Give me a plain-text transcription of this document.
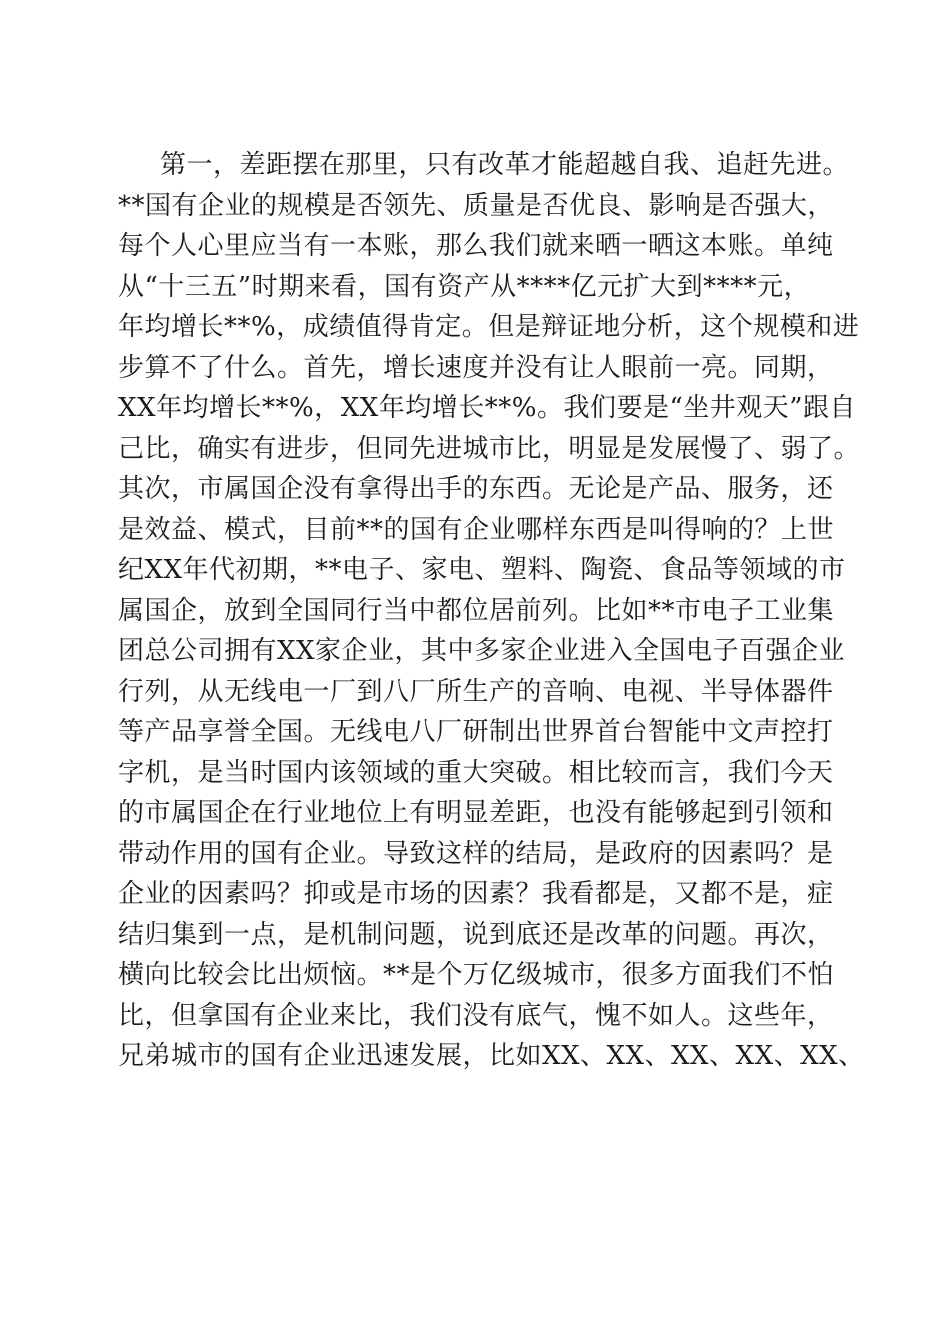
第一，差距摆在那里，只有改革才能超越自我、追赶先进。
**国有企业的规模是否领先、质量是否优良、影响是否强大，
每个人心里应当有一本账，那么我们就来晒一晒这本账。单纯
从“十三五”时期来看，国有资产从****亿元扩大到****元，
年均增长**%，成绩值得肯定。但是辩证地分析，这个规模和进
步算不了什么。首先，增长速度并没有让人眼前一亮。同期，
XX年均增长**%，XX年均增长**%。我们要是“坐井观天”跟自
己比，确实有进步，但同先进城市比，明显是发展慢了、弱了。
其次，市属国企没有拿得出手的东西。无论是产品、服务，还
是效益、模式，目前**的国有企业哪样东西是叫得响的？上世
纪XX年代初期，**电子、家电、塑料、陶瓷、食品等领域的市
属国企，放到全国同行当中都位居前列。比如**市电子工业集
团总公司拥有XX家企业，其中多家企业进入全国电子百强企业
行列，从无线电一厂到八厂所生产的音响、电视、半导体器件
等产品享誉全国。无线电八厂研制出世界首台智能中文声控打
字机，是当时国内该领域的重大突破。相比较而言，我们今天
的市属国企在行业地位上有明显差距，也没有能够起到引领和
带动作用的国有企业。导致这样的结局，是政府的因素吗？是
企业的因素吗？抑或是市场的因素？我看都是，又都不是，症
结归集到一点，是机制问题，说到底还是改革的问题。再次，
横向比较会比出烦恼。**是个万亿级城市，很多方面我们不怕
比，但拿国有企业来比，我们没有底气，愧不如人。这些年，
兄弟城市的国有企业迅速发展，比如XX、XX、XX、XX、XX、
